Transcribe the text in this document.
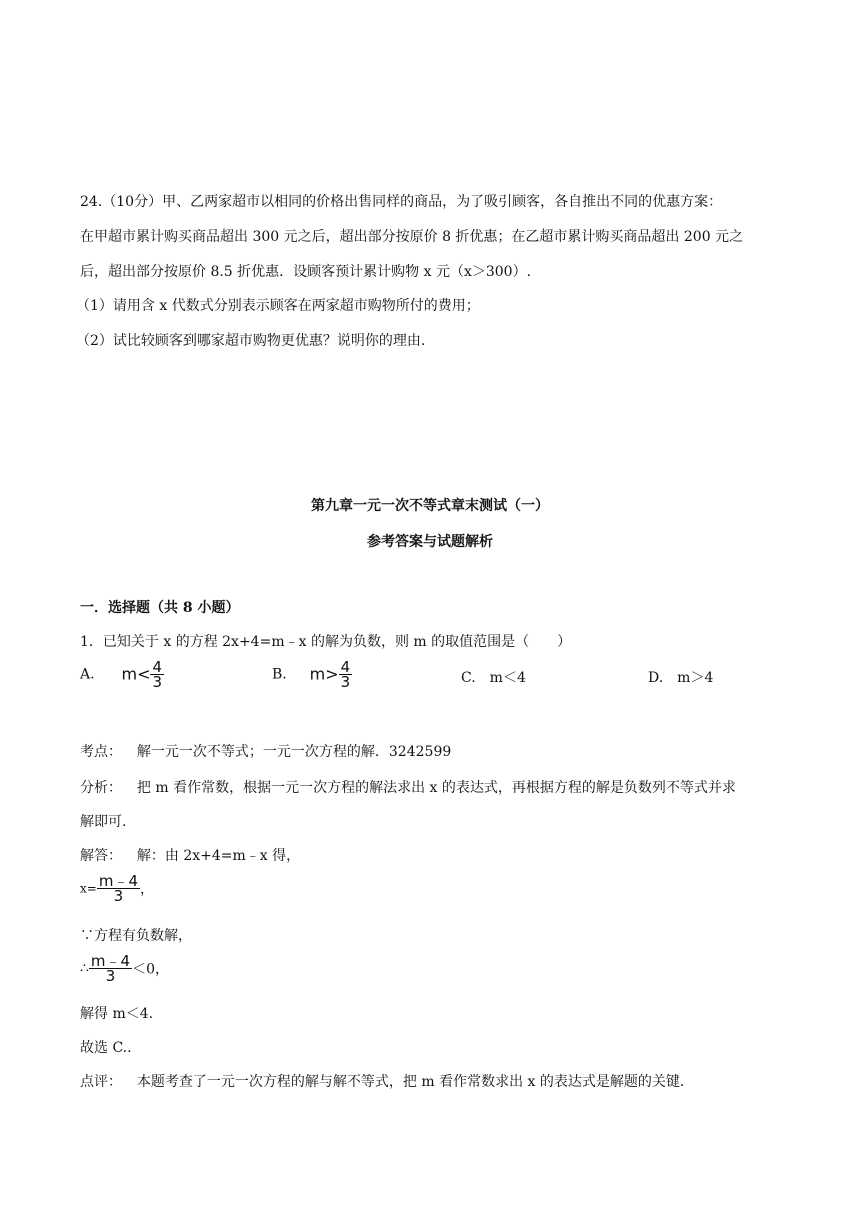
24.（10分）甲、乙两家超市以相同的价格出售同样的商品，为了吸引顾客，各自推出不同的优惠方案：
在甲超市累计购买商品超出 300 元之后，超出部分按原价 8 折优惠；在乙超市累计购买商品超出 200 元之
后，超出部分按原价 8.5 折优惠．设顾客预计累计购物 x 元（x＞300）.
（1）请用含 x 代数式分别表示顾客在两家超市购物所付的费用；
（2）试比较顾客到哪家超市购物更优惠？说明你的理由.
第九章一元一次不等式章末测试（一）
参考答案与试题解析
一．选择题（共 8 小题）
1．已知关于 x 的方程 2x+4=m﹣x 的解为负数，则 m 的取值范围是（　　）
A. $m< \frac{4}{3}$	B. $m> \frac{4}{3}$	C.　m＜4	D.　m＞4
考点： 解一元一次不等式；一元一次方程的解．3242599
分析： 把 m 看作常数，根据一元一次方程的解法求出 x 的表达式，再根据方程的解是负数列不等式并求
解即可.
解答： 解：由 2x+4=m﹣x 得，
$x= \frac{m﹣4}{3}$ ，
∵方程有负数解，
∴ $\frac{m﹣4}{3} <0$，
解得 m＜4.
故选 C..
点评： 本题考查了一元一次方程的解与解不等式，把 m 看作常数求出 x 的表达式是解题的关键.
